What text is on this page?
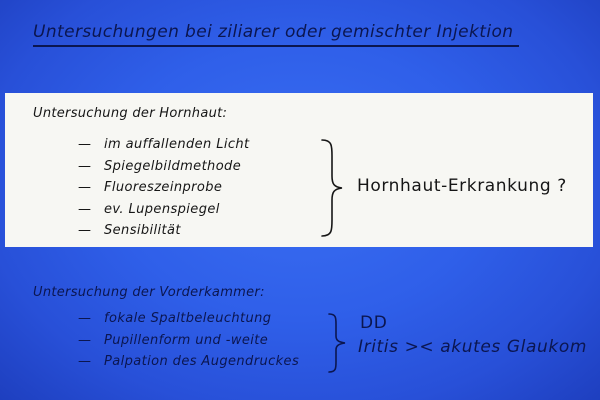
Untersuchungen bei ziliarer oder gemischter Injektion
Untersuchung der Hornhaut:
— im auffallenden Licht
— Spiegelbildmethode
— Fluoreszeinprobe
— ev. Lupenspiegel
— Sensibilität
Hornhaut-Erkrankung ?
Untersuchung der Vorderkammer:
— fokale Spaltbeleuchtung
— Pupillenform und -weite
— Palpation des Augendruckes
DD
Iritis >< akutes Glaukom
